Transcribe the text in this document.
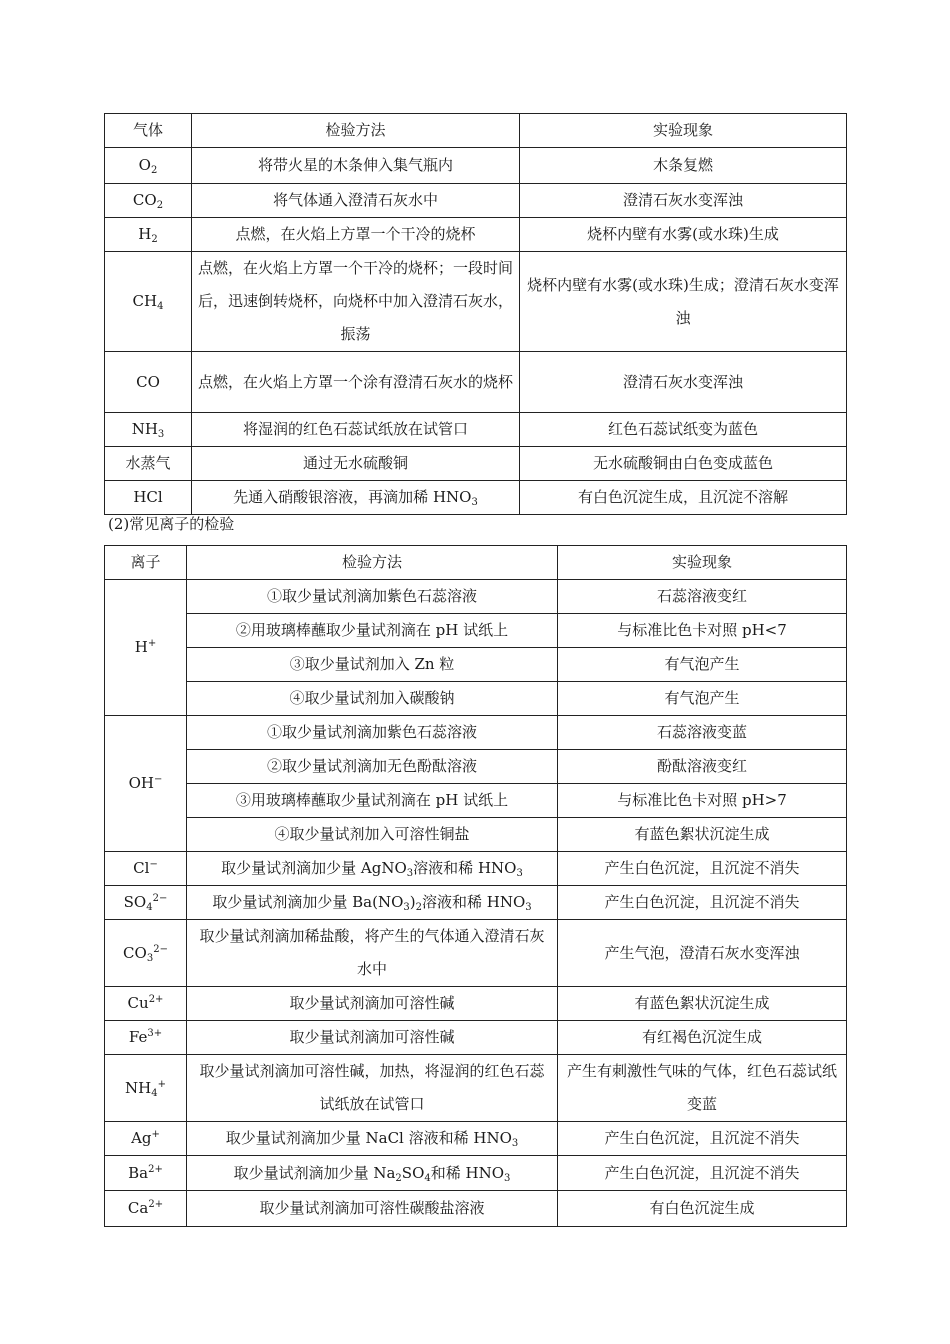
气体	检验方法	实验现象
$O_2$	将带火星的木条伸入集气瓶内	木条复燃
$CO_2$	将气体通入澄清石灰水中	澄清石灰水变浑浊
$H_2$	点燃，在火焰上方罩一个干冷的烧杯	烧杯内壁有水雾(或水珠)生成
$CH_4$	点燃，在火焰上方罩一个干冷的烧杯；一段时间后，迅速倒转烧杯，向烧杯中加入澄清石灰水，振荡	烧杯内壁有水雾(或水珠)生成；澄清石灰水变浑浊
CO	点燃，在火焰上方罩一个涂有澄清石灰水的烧杯	澄清石灰水变浑浊
$NH_3$	将湿润的红色石蕊试纸放在试管口	红色石蕊试纸变为蓝色
水蒸气	通过无水硫酸铜	无水硫酸铜由白色变成蓝色
HCl	先通入硝酸银溶液，再滴加稀 $HNO_3$	有白色沉淀生成，且沉淀不溶解
(2)常见离子的检验
离子	检验方法	实验现象
H+	①取少量试剂滴加紫色石蕊溶液	石蕊溶液变红
	②用玻璃棒蘸取少量试剂滴在 pH 试纸上	与标准比色卡对照 pH<7
	③取少量试剂加入 Zn 粒	有气泡产生
	④取少量试剂加入碳酸钠	有气泡产生
OH−	①取少量试剂滴加紫色石蕊溶液	石蕊溶液变蓝
	②取少量试剂滴加无色酚酞溶液	酚酞溶液变红
	③用玻璃棒蘸取少量试剂滴在 pH 试纸上	与标准比色卡对照 pH>7
	④取少量试剂加入可溶性铜盐	有蓝色絮状沉淀生成
Cl−	取少量试剂滴加少量 AgNO$_3$溶液和稀 $HNO_3$	产生白色沉淀，且沉淀不消失
$SO_4^{2-}$	取少量试剂滴加少量 $Ba(NO_3)_2$溶液和稀 $HNO_3$	产生白色沉淀，且沉淀不消失
$CO_3^{2-}$	取少量试剂滴加稀盐酸，将产生的气体通入澄清石灰水中	产生气泡，澄清石灰水变浑浊
$Cu^{2+}$	取少量试剂滴加可溶性碱	有蓝色絮状沉淀生成
$Fe^{3+}$	取少量试剂滴加可溶性碱	有红褐色沉淀生成
$NH_4^+$	取少量试剂滴加可溶性碱，加热，将湿润的红色石蕊试纸放在试管口	产生有刺激性气味的气体，红色石蕊试纸变蓝
Ag+	取少量试剂滴加少量 NaCl 溶液和稀 $HNO_3$	产生白色沉淀，且沉淀不消失
$Ba^{2+}$	取少量试剂滴加少量 $Na_2SO_4$和稀 $HNO_3$	产生白色沉淀，且沉淀不消失
$Ca^{2+}$	取少量试剂滴加可溶性碳酸盐溶液	有白色沉淀生成
